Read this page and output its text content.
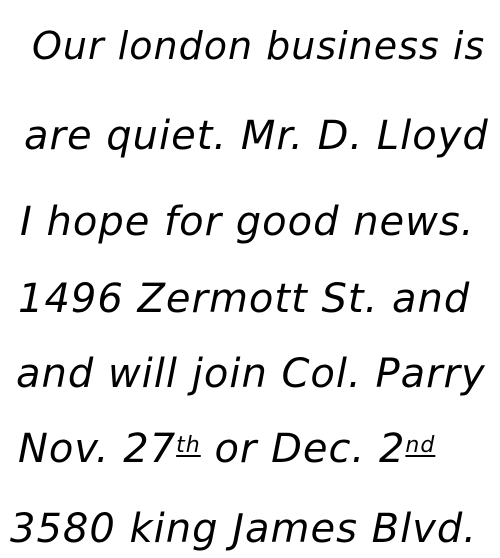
Our london business is
are quiet. Mr. D. Lloyd
I hope for good news.
1496 Zermott St. and
and will join Col. Parry
Nov. 27th or Dec. 2nd
3580 king James Blvd.
